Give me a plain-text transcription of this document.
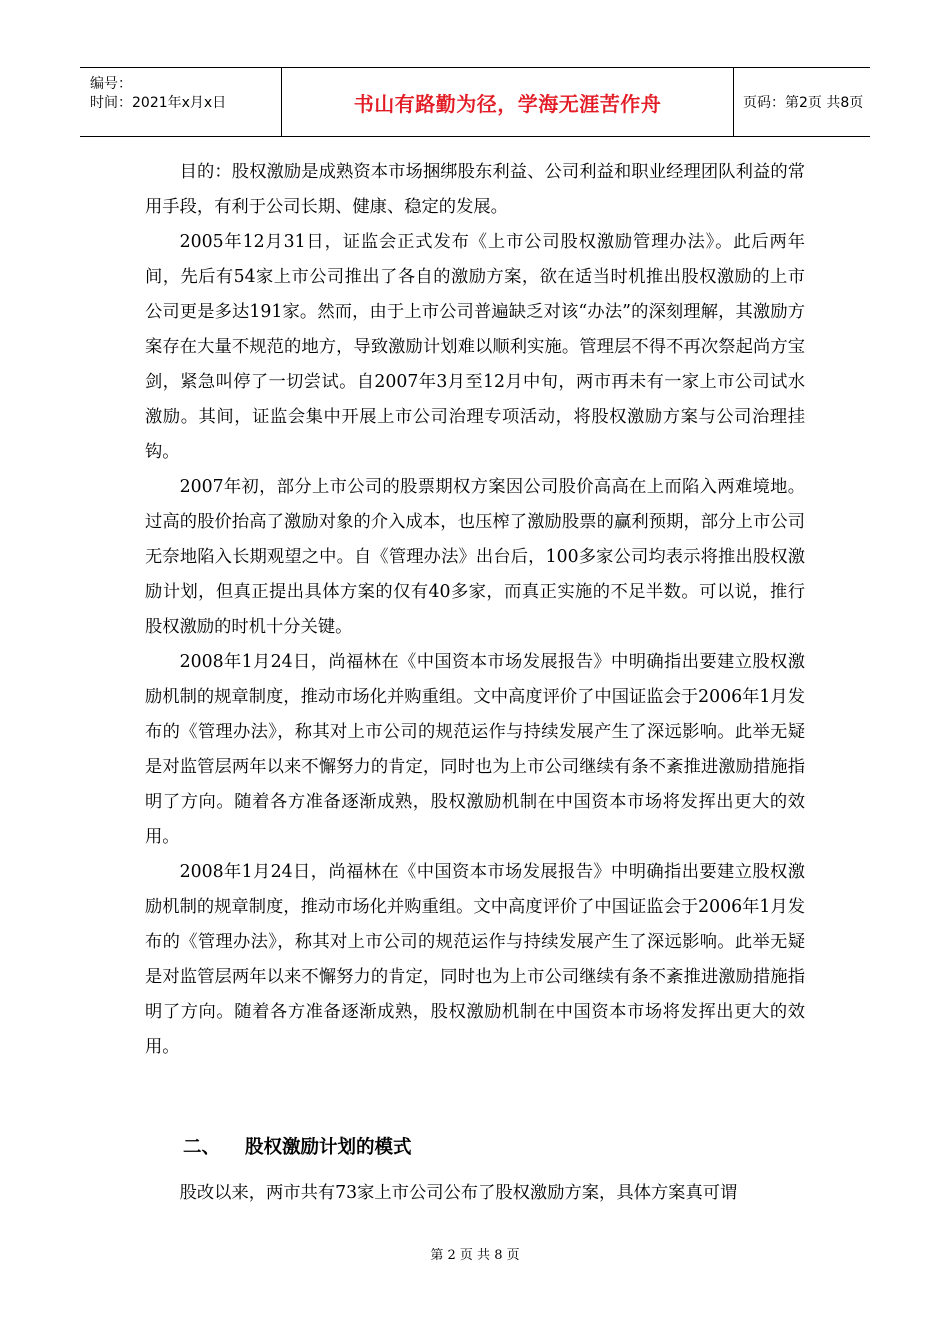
编号：
时间：2021年x月x日	书山有路勤为径，学海无涯苦作舟	页码：第2页 共8页

目的：股权激励是成熟资本市场捆绑股东利益、公司利益和职业经理团队利益的常用手段，有利于公司长期、健康、稳定的发展。

2005年12月31日，证监会正式发布《上市公司股权激励管理办法》。此后两年间，先后有54家上市公司推出了各自的激励方案，欲在适当时机推出股权激励的上市公司更是多达191家。然而，由于上市公司普遍缺乏对该“办法”的深刻理解，其激励方案存在大量不规范的地方，导致激励计划难以顺利实施。管理层不得不再次祭起尚方宝剑，紧急叫停了一切尝试。自2007年3月至12月中旬，两市再未有一家上市公司试水激励。其间，证监会集中开展上市公司治理专项活动，将股权激励方案与公司治理挂钩。

2007年初，部分上市公司的股票期权方案因公司股价高高在上而陷入两难境地。过高的股价抬高了激励对象的介入成本，也压榨了激励股票的赢利预期，部分上市公司无奈地陷入长期观望之中。自《管理办法》出台后，100多家公司均表示将推出股权激励计划，但真正提出具体方案的仅有40多家，而真正实施的不足半数。可以说，推行股权激励的时机十分关键。

2008年1月24日，尚福林在《中国资本市场发展报告》中明确指出要建立股权激励机制的规章制度，推动市场化并购重组。文中高度评价了中国证监会于2006年1月发布的《管理办法》，称其对上市公司的规范运作与持续发展产生了深远影响。此举无疑是对监管层两年以来不懈努力的肯定，同时也为上市公司继续有条不紊推进激励措施指明了方向。随着各方准备逐渐成熟，股权激励机制在中国资本市场将发挥出更大的效用。

2008年1月24日，尚福林在《中国资本市场发展报告》中明确指出要建立股权激励机制的规章制度，推动市场化并购重组。文中高度评价了中国证监会于2006年1月发布的《管理办法》，称其对上市公司的规范运作与持续发展产生了深远影响。此举无疑是对监管层两年以来不懈努力的肯定，同时也为上市公司继续有条不紊推进激励措施指明了方向。随着各方准备逐渐成熟，股权激励机制在中国资本市场将发挥出更大的效用。

二、 股权激励计划的模式

股改以来，两市共有73家上市公司公布了股权激励方案，具体方案真可谓

第 2 页 共 8 页
